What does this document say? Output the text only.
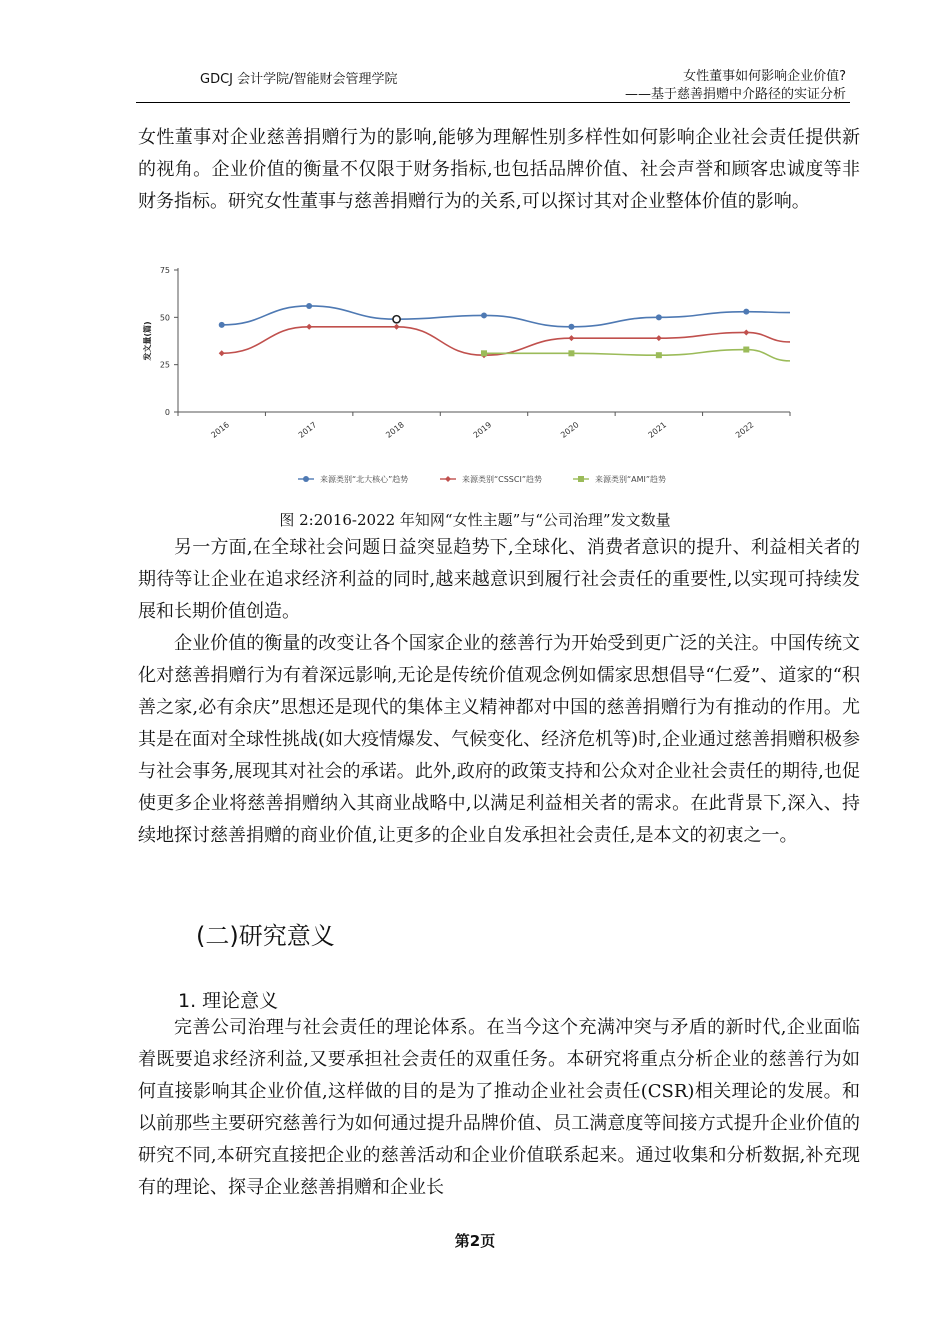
GDCJ 会计学院/智能财会管理学院	女性董事如何影响企业价值?
——基于慈善捐赠中介路径的实证分析

女性董事对企业慈善捐赠行为的影响,能够为理解性别多样性如何影响企业社会责任提供新的视角。企业价值的衡量不仅限于财务指标,也包括品牌价值、社会声誉和顾客忠诚度等非财务指标。研究女性董事与慈善捐赠行为的关系,可以探讨其对企业整体价值的影响。

0
25
50
75
2016	2017	2018	2019	2020	2021	2022
发文量(篇)
来源类别“北大核心”趋势	来源类别“CSSCI”趋势	来源类别“AMI”趋势
图 2:2016-2022 年知网“女性主题”与“公司治理”发文数量

另一方面,在全球社会问题日益突显趋势下,全球化、消费者意识的提升、利益相关者的期待等让企业在追求经济利益的同时,越来越意识到履行社会责任的重要性,以实现可持续发展和长期价值创造。

企业价值的衡量的改变让各个国家企业的慈善行为开始受到更广泛的关注。中国传统文化对慈善捐赠行为有着深远影响,无论是传统价值观念例如儒家思想倡导“仁爱”、道家的“积善之家,必有余庆”思想还是现代的集体主义精神都对中国的慈善捐赠行为有推动的作用。尤其是在面对全球性挑战(如大疫情爆发、气候变化、经济危机等)时,企业通过慈善捐赠积极参与社会事务,展现其对社会的承诺。此外,政府的政策支持和公众对企业社会责任的期待,也促使更多企业将慈善捐赠纳入其商业战略中,以满足利益相关者的需求。在此背景下,深入、持续地探讨慈善捐赠的商业价值,让更多的企业自发承担社会责任,是本文的初衷之一。

(二)研究意义
1. 理论意义

完善公司治理与社会责任的理论体系。在当今这个充满冲突与矛盾的新时代,企业面临着既要追求经济利益,又要承担社会责任的双重任务。本研究将重点分析企业的慈善行为如何直接影响其企业价值,这样做的目的是为了推动企业社会责任(CSR)相关理论的发展。和以前那些主要研究慈善行为如何通过提升品牌价值、员工满意度等间接方式提升企业价值的研究不同,本研究直接把企业的慈善活动和企业价值联系起来。通过收集和分析数据,补充现有的理论、探寻企业慈善捐赠和企业长

第2页
